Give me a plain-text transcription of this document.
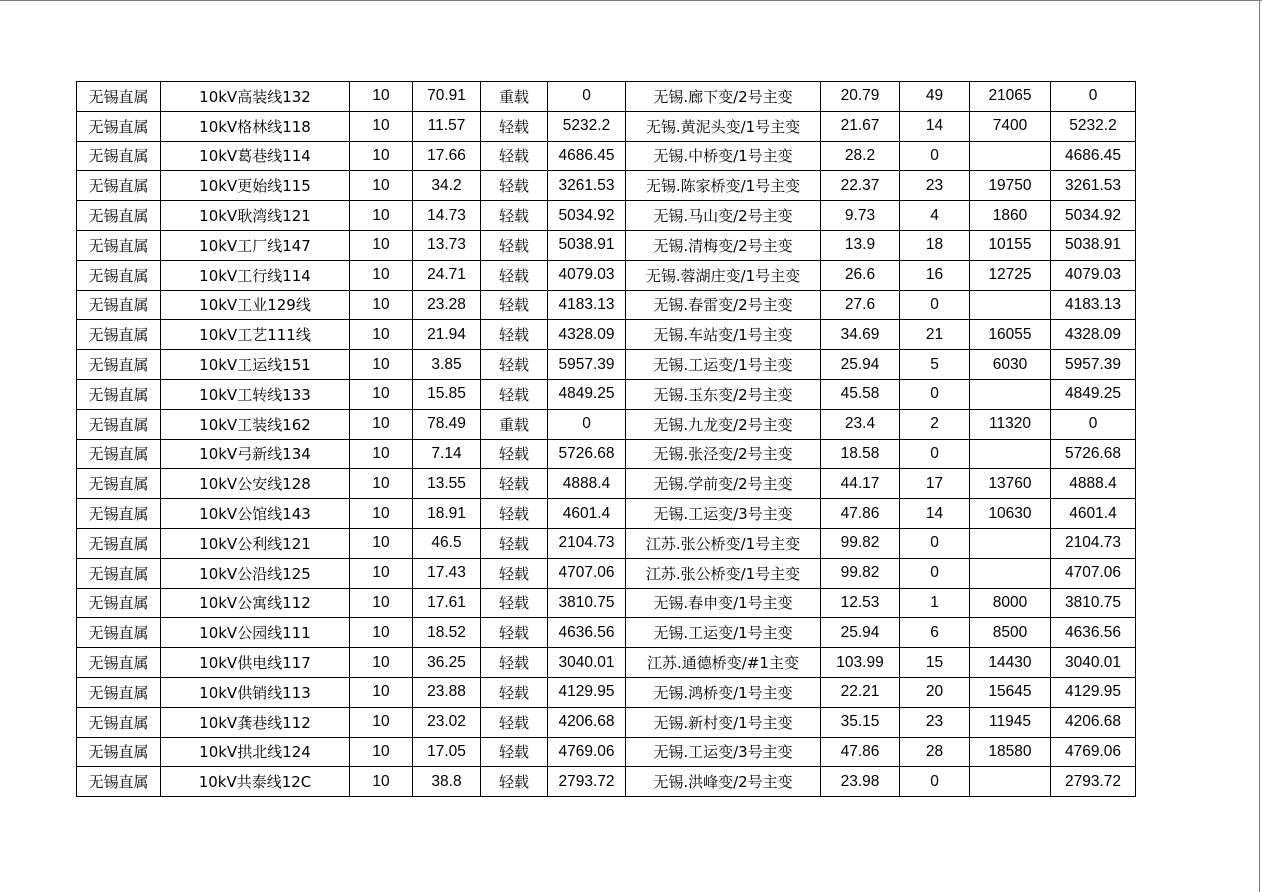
无锡直属	10kV高装线132	10	70.91	重载	0	无锡.廊下变/2号主变	20.79	49	21065	0
无锡直属	10kV格林线118	10	11.57	轻载	5232.2	无锡.黄泥头变/1号主变	21.67	14	7400	5232.2
无锡直属	10kV葛巷线114	10	17.66	轻载	4686.45	无锡.中桥变/1号主变	28.2	0		4686.45
无锡直属	10kV更始线115	10	34.2	轻载	3261.53	无锡.陈家桥变/1号主变	22.37	23	19750	3261.53
无锡直属	10kV耿湾线121	10	14.73	轻载	5034.92	无锡.马山变/2号主变	9.73	4	1860	5034.92
无锡直属	10kV工厂线147	10	13.73	轻载	5038.91	无锡.清梅变/2号主变	13.9	18	10155	5038.91
无锡直属	10kV工行线114	10	24.71	轻载	4079.03	无锡.蓉湖庄变/1号主变	26.6	16	12725	4079.03
无锡直属	10kV工业129线	10	23.28	轻载	4183.13	无锡.春雷变/2号主变	27.6	0		4183.13
无锡直属	10kV工艺111线	10	21.94	轻载	4328.09	无锡.车站变/1号主变	34.69	21	16055	4328.09
无锡直属	10kV工运线151	10	3.85	轻载	5957.39	无锡.工运变/1号主变	25.94	5	6030	5957.39
无锡直属	10kV工转线133	10	15.85	轻载	4849.25	无锡.玉东变/2号主变	45.58	0		4849.25
无锡直属	10kV工装线162	10	78.49	重载	0	无锡.九龙变/2号主变	23.4	2	11320	0
无锡直属	10kV弓新线134	10	7.14	轻载	5726.68	无锡.张泾变/2号主变	18.58	0		5726.68
无锡直属	10kV公安线128	10	13.55	轻载	4888.4	无锡.学前变/2号主变	44.17	17	13760	4888.4
无锡直属	10kV公馆线143	10	18.91	轻载	4601.4	无锡.工运变/3号主变	47.86	14	10630	4601.4
无锡直属	10kV公利线121	10	46.5	轻载	2104.73	江苏.张公桥变/1号主变	99.82	0		2104.73
无锡直属	10kV公沿线125	10	17.43	轻载	4707.06	江苏.张公桥变/1号主变	99.82	0		4707.06
无锡直属	10kV公寓线112	10	17.61	轻载	3810.75	无锡.春申变/1号主变	12.53	1	8000	3810.75
无锡直属	10kV公园线111	10	18.52	轻载	4636.56	无锡.工运变/1号主变	25.94	6	8500	4636.56
无锡直属	10kV供电线117	10	36.25	轻载	3040.01	江苏.通德桥变/#1主变	103.99	15	14430	3040.01
无锡直属	10kV供销线113	10	23.88	轻载	4129.95	无锡.鸿桥变/1号主变	22.21	20	15645	4129.95
无锡直属	10kV龚巷线112	10	23.02	轻载	4206.68	无锡.新村变/1号主变	35.15	23	11945	4206.68
无锡直属	10kV拱北线124	10	17.05	轻载	4769.06	无锡.工运变/3号主变	47.86	28	18580	4769.06
无锡直属	10kV共泰线12C	10	38.8	轻载	2793.72	无锡.洪峰变/2号主变	23.98	0		2793.72
